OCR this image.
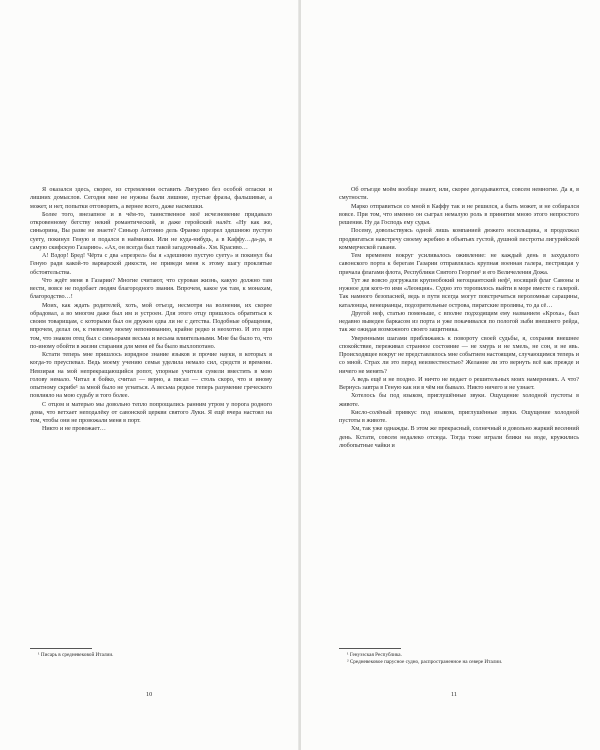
Я оказался здесь, скорее, из стремления оставить Лигурию без особой огласки и лишних домыслов. Сегодня мне не нужны были лишние, пустые фразы, фальшивые, а может, и нет, попытки отговорить, а вернее всего, даже насмешки.

Более того, внезапное и в чём-то, таинственное моё исчезновение придавало откровенному бегству некий романтический, и даже геройский налёт. «Ну как же, синьорина, Вы разве не знаете? Синьор Антонио дель Франко презрел здешнюю пустую суету, покинул Геную и подался в наёмники. Или не куда-нибудь, а в Каффу…да-да, в самую скифскую Газарию». «Ах, он всегда был такой загадочный». Хм. Красиво…

А! Вздор! Бред! Чёрта с два «презрел» бы я «здешнюю пустую суету» и покинул бы Геную ради какой-то варварской дикости, не приведи меня к этому шагу проклятые обстоятельства.

Что ждёт меня в Газарии? Многие считают, что суровая жизнь, какую должно там вести, вовсе не подобает людям благородного звания. Впрочем, какое уж там, к монахам, благородство…!

Моих, как ждать родителей, хоть, мой отъезд, несмотря на волнения, их скорее обрадовал, а во многом даже был им и устроен. Для этого отцу пришлось обратиться к своим товарищам, с которыми был он дружен едва ли не с детства. Подобные обращения, впрочем, делал он, к гневному моему непониманию, крайне редко и неохотно. И это при том, что знаком отец был с синьорами весьма и весьма влиятельными. Мне бы было то, что по-иному обойти в жизни старания для меня её бы было выхлопотано.

Кстати теперь мне пришлось изрядное знание языков и прочие науки, в которых я когда-то преуспевал. Ведь моему учению семья уделила немало сил, средств и времени. Невзирая на мой непрекращающийся ропот, упорные учителя сумели вместить в мою голову немало. Читал я бойко, считал — верно, а писал — столь скоро, что и иному опытному скрибе¹ за мной было не угнаться. А весьма редкое теперь разумение греческого повлияло на мою судьбу и того более.

С отцом и матерью мы довольно тепло попрощались ранним утром у порога родного дома, что ветхает неподалёку от савонской церкви святого Луки. Я ещё вчера настоял на том, чтобы они не провожали меня в порт.

Никто и не провожает…

¹ Писарь в средневековой Италии.

10

Об отъезде моём вообще знают, или, скорее догадываются, совсем немногие. Да я, в смутности.

Марко отправиться со мной в Каффу так и не решился, а быть может, и не собирался вовсе. При том, что именно он сыграл немалую роль в принятии мною этого непростого решения. Ну да Господь ему судья.

Посему, довольствуясь одной лишь компанией дюжего носильщика, я продолжал продвигаться навстречу своему жребию в объятьях густой, душной пестроты лигурийской коммерческой гавани.

Тем временем вокруг усиливалось оживление: не каждый день в захудалого савонского порта к берегам Газарии отправлялась крупная военная галера, пестрящая у причала флагами флота, Республики Святого Георгия¹ и его Величеления Дожа.

Тут же вовсю догружали крупнобокий негоциантский неф², носящий флаг Савоны и нужное для кого-то имя «Леонция». Судно это торопилось выйти в море вместе с галерой. Так намного безопасней, ведь в пути всегда могут повстречаться вероломные сарацины, каталонцы, венецианцы, подозрительные острова, пиратские проливы, то да сё…

Другой неф, статью поменьше, с вполне подходящим ему названием «Кроха», был недавно выведен баркасом из порта и уже покачивался по пологой зыби внешнего рейда, так же ожидая возможного своего защитника.

Уверенными шагами приближаясь к повороту своей судьбы, я, сохраняя внешнее спокойствие, переживал странное состояние — не хмурь и не хмель, не сон, и не явь. Происходящее вокруг не представлялось мне событием настоящим, случающимся теперь и со мной. Страх ли это перед неизвестностью? Желание ли это вернуть всё как прежде и ничего не менять?

А ведь ещё и не поздно. И ничто не ведает о решительных моих намерениях. А что? Вернусь завтра в Геную как ни в чём ни бывало. Никто ничего и не узнает.

Хотелось бы под языком, приглушённые звуки. Ощущение холодной пустоты в животе.

Кисло-солёный привкус под языком, приглушённые звуки. Ощущение холодной пустоты в животе.

Хм, так уже однажды. В этом же прекрасный, солнечный и довольно жаркий весенний день. Кстати, совсем недалеко отсюда. Тогда тоже играли блики на воде, кружились любопытные чайки и

¹ Генуэзская Республика.

² Средневековое парусное судно, распространенное на севере Италии.

11
